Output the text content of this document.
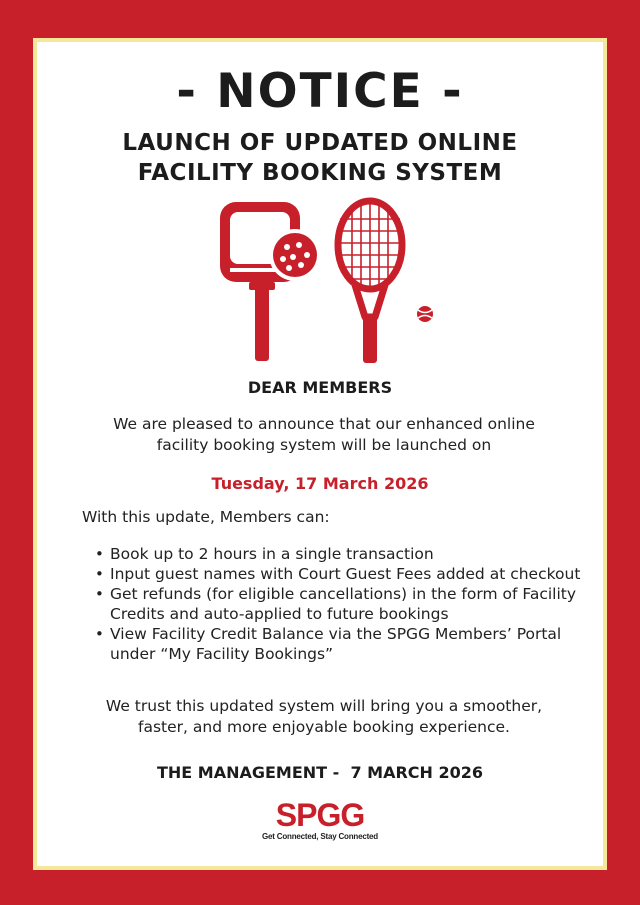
- NOTICE -
LAUNCH OF UPDATED ONLINE
FACILITY BOOKING SYSTEM
DEAR MEMBERS
We are pleased to announce that our enhanced online
facility booking system will be launched on
Tuesday, 17 March 2026
With this update, Members can:
• Book up to 2 hours in a single transaction
• Input guest names with Court Guest Fees added at checkout
• Get refunds (for eligible cancellations) in the form of Facility Credits and auto-applied to future bookings
• View Facility Credit Balance via the SPGG Members’ Portal under “My Facility Bookings”
We trust this updated system will bring you a smoother,
faster, and more enjoyable booking experience.
THE MANAGEMENT -  7 MARCH 2026
SPGG
Get Connected, Stay Connected
